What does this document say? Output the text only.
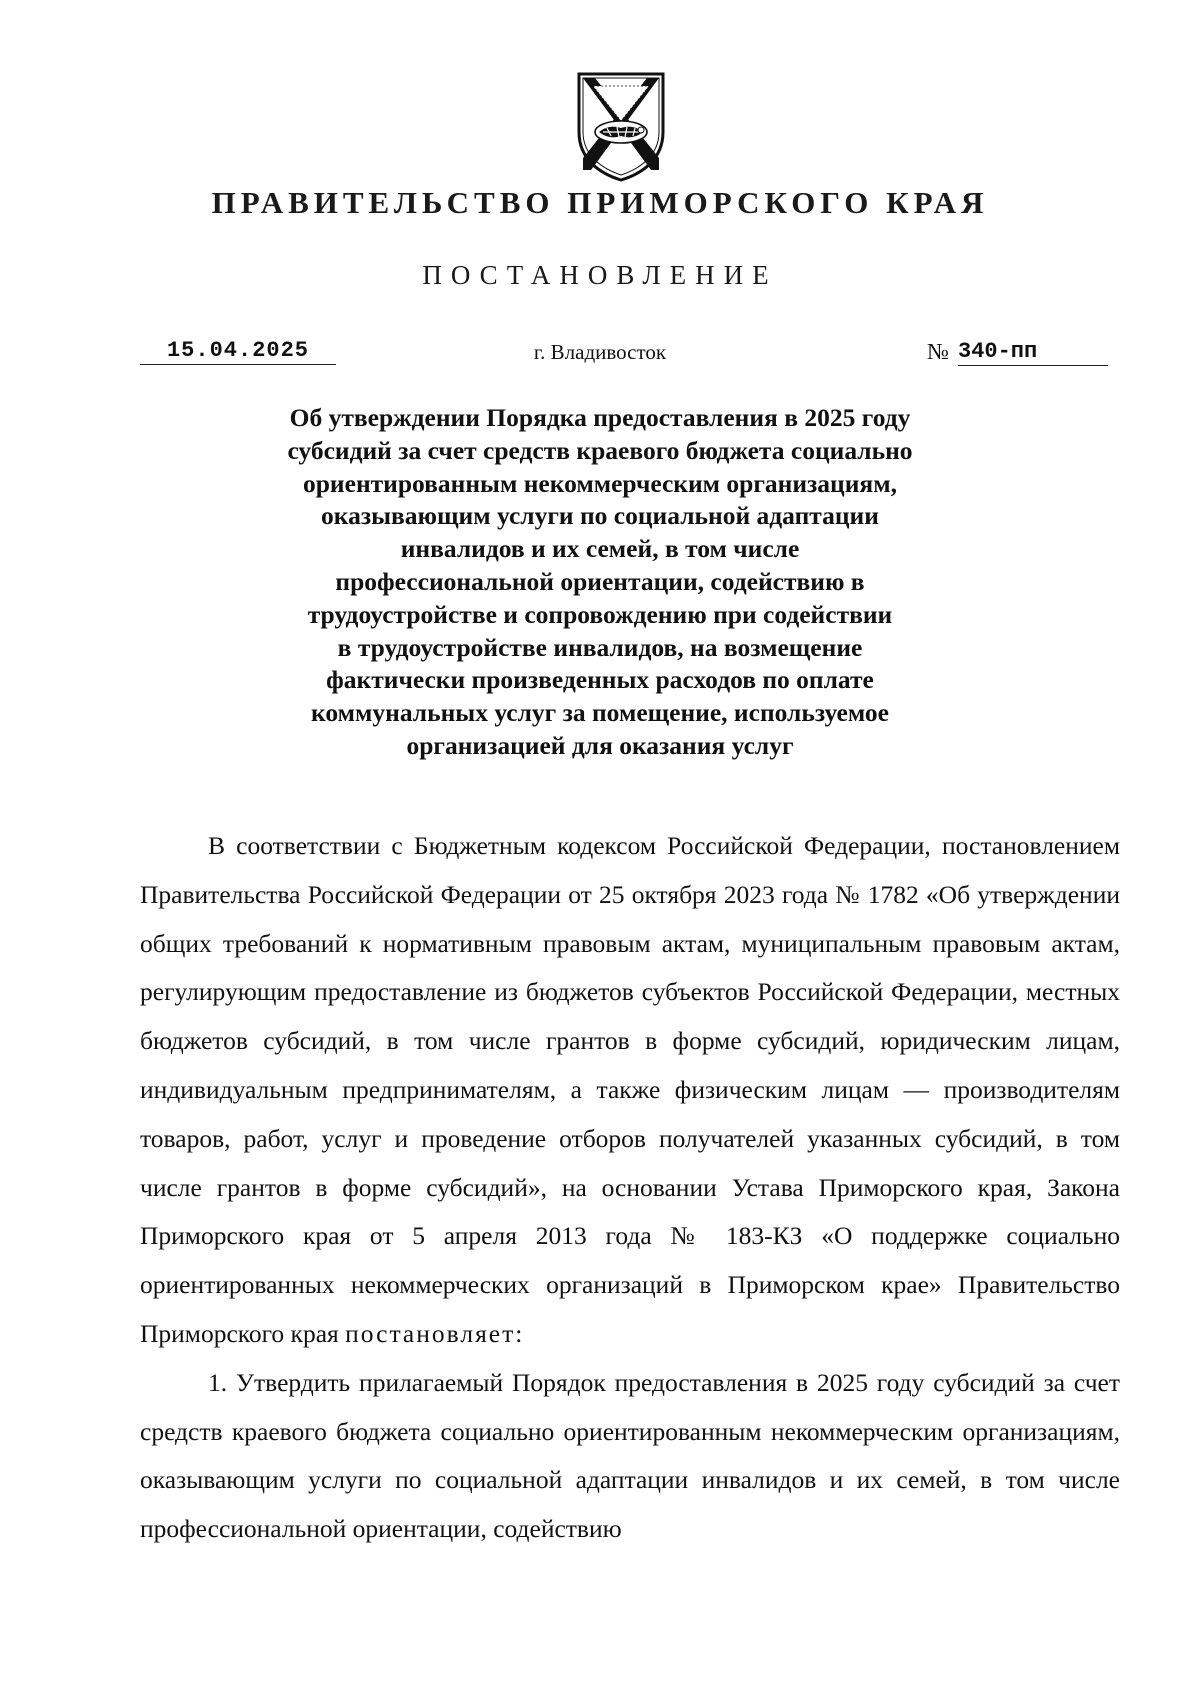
ПРАВИТЕЛЬСТВО ПРИМОРСКОГО КРАЯ
ПОСТАНОВЛЕНИЕ
15.04.2025	г. Владивосток	№ 340-пп
Об утверждении Порядка предоставления в 2025 году
субсидий за счет средств краевого бюджета социально
ориентированным некоммерческим организациям,
оказывающим услуги по социальной адаптации
инвалидов и их семей, в том числе
профессиональной ориентации, содействию в
трудоустройстве и сопровождению при содействии
в трудоустройстве инвалидов, на возмещение
фактически произведенных расходов по оплате
коммунальных услуг за помещение, используемое
организацией для оказания услуг

В соответствии с Бюджетным кодексом Российской Федерации, постановлением Правительства Российской Федерации от 25 октября 2023 года № 1782 «Об утверждении общих требований к нормативным правовым актам, муниципальным правовым актам, регулирующим предоставление из бюджетов субъектов Российской Федерации, местных бюджетов субсидий, в том числе грантов в форме субсидий, юридическим лицам, индивидуальным предпринимателям, а также физическим лицам — производителям товаров, работ, услуг и проведение отборов получателей указанных субсидий, в том числе грантов в форме субсидий», на основании Устава Приморского края, Закона Приморского края от 5 апреля 2013 года № 183-КЗ «О поддержке социально ориентированных некоммерческих организаций в Приморском крае» Правительство Приморского края постановляет:

1. Утвердить прилагаемый Порядок предоставления в 2025 году субсидий за счет средств краевого бюджета социально ориентированным некоммерческим организациям, оказывающим услуги по социальной адаптации инвалидов и их семей, в том числе профессиональной ориентации, содействию
